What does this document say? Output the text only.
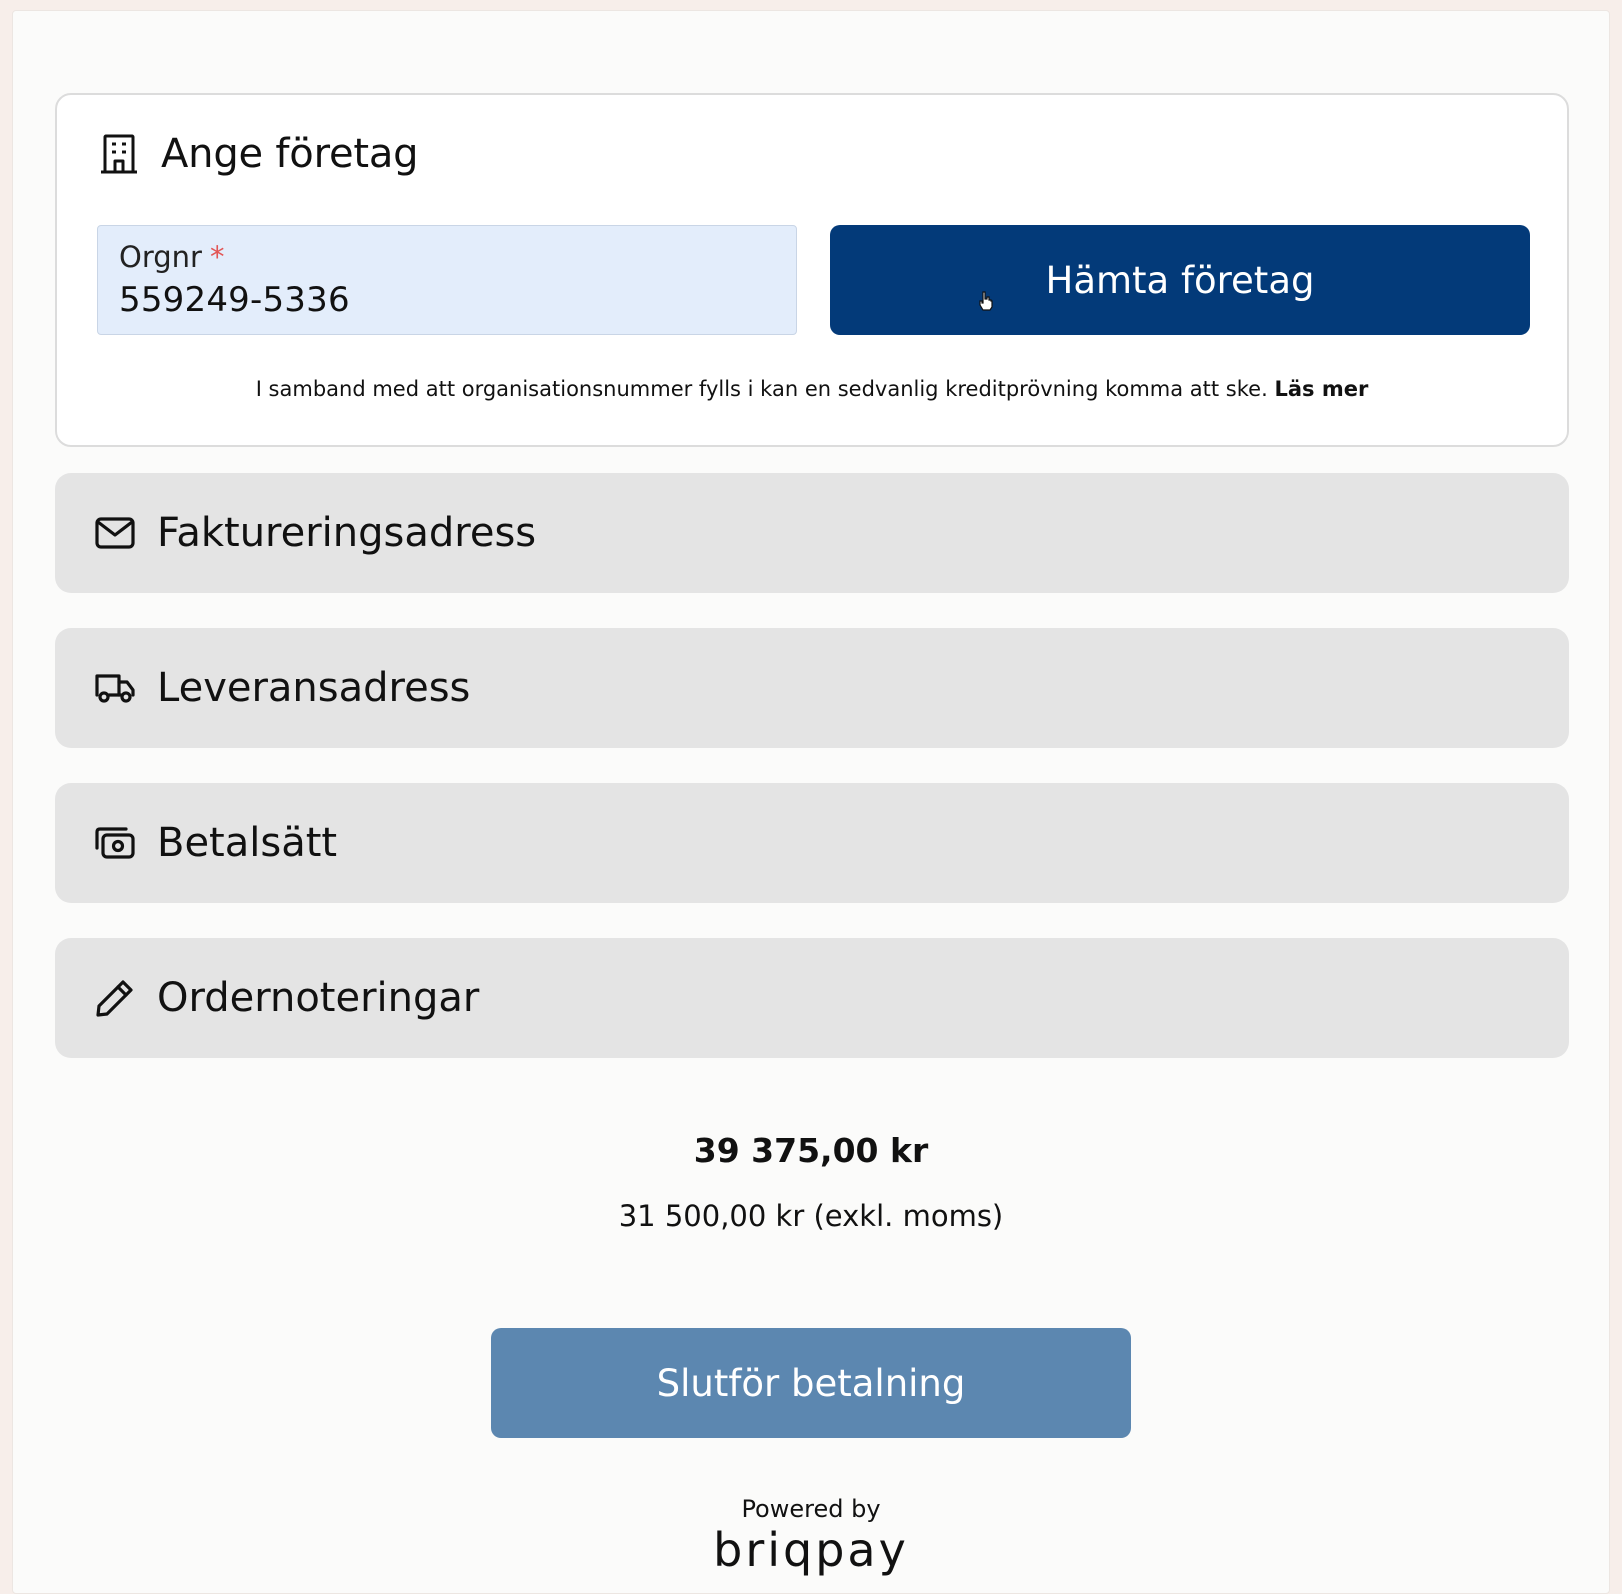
Ange företag
Orgnr *
559249-5336	Hämta företag
I samband med att organisationsnummer fylls i kan en sedvanlig kreditprövning komma att ske. Läs mer
Faktureringsadress
Leveransadress
Betalsätt
Ordernoteringar
39 375,00 kr
31 500,00 kr (exkl. moms)
Slutför betalning
Powered by
briqpay
